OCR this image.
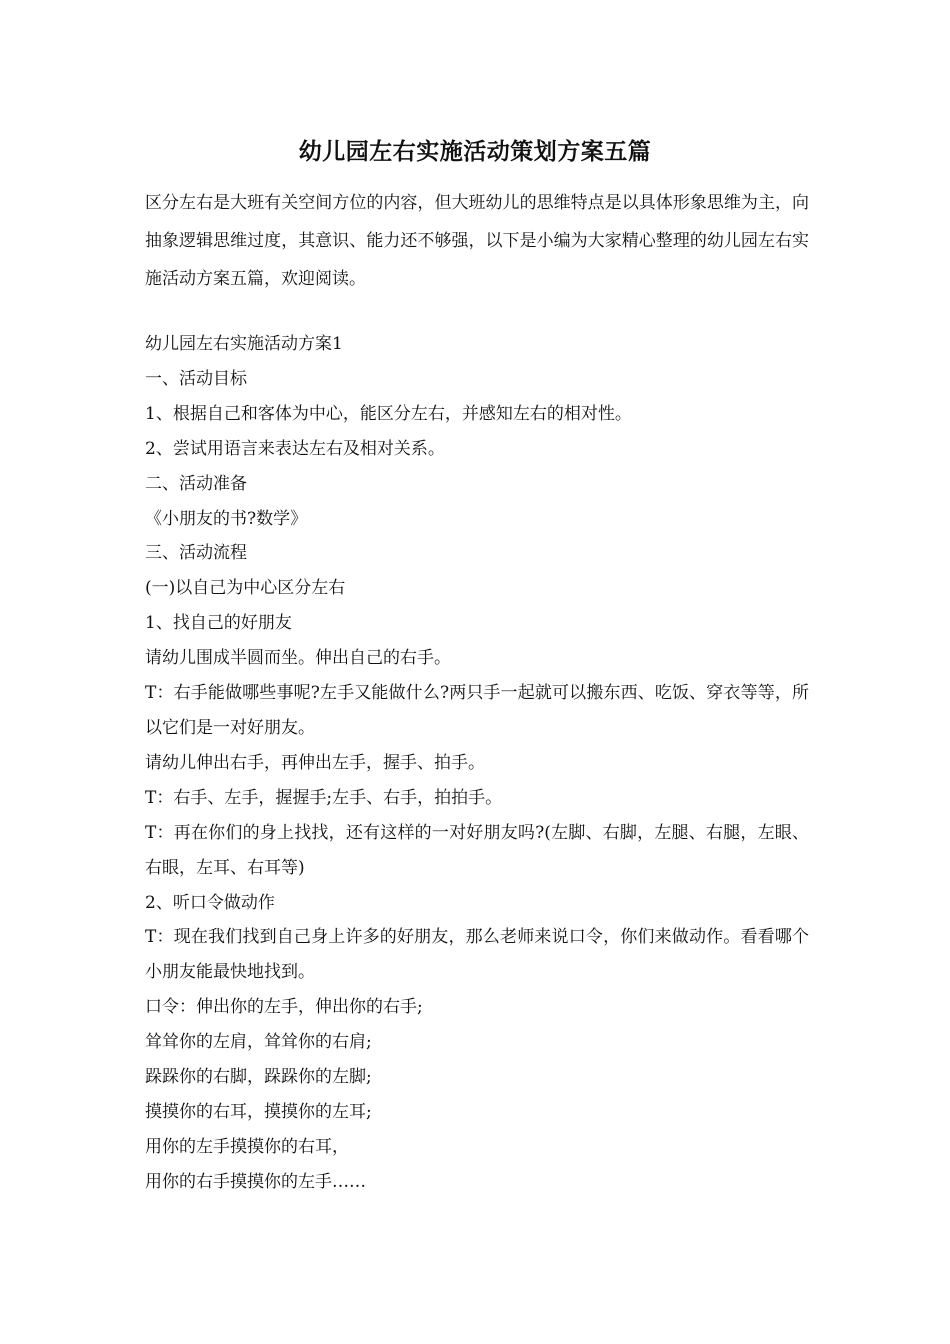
幼儿园左右实施活动策划方案五篇

区分左右是大班有关空间方位的内容，但大班幼儿的思维特点是以具体形象思维为主，向抽象逻辑思维过度，其意识、能力还不够强，以下是小编为大家精心整理的幼儿园左右实施活动方案五篇，欢迎阅读。

幼儿园左右实施活动方案1
一、活动目标
1、根据自己和客体为中心，能区分左右，并感知左右的相对性。
2、尝试用语言来表达左右及相对关系。
二、活动准备
《小朋友的书?数学》
三、活动流程
(一)以自己为中心区分左右
1、找自己的好朋友
请幼儿围成半圆而坐。伸出自己的右手。
T：右手能做哪些事呢?左手又能做什么?两只手一起就可以搬东西、吃饭、穿衣等等，所以它们是一对好朋友。
请幼儿伸出右手，再伸出左手，握手、拍手。
T：右手、左手，握握手;左手、右手，拍拍手。
T：再在你们的身上找找，还有这样的一对好朋友吗?(左脚、右脚，左腿、右腿，左眼、右眼，左耳、右耳等)
2、听口令做动作
T：现在我们找到自己身上许多的好朋友，那么老师来说口令，你们来做动作。看看哪个小朋友能最快地找到。
口令：伸出你的左手，伸出你的右手;
耸耸你的左肩，耸耸你的右肩;
跺跺你的右脚，跺跺你的左脚;
摸摸你的右耳，摸摸你的左耳;
用你的左手摸摸你的右耳，
用你的右手摸摸你的左手……
